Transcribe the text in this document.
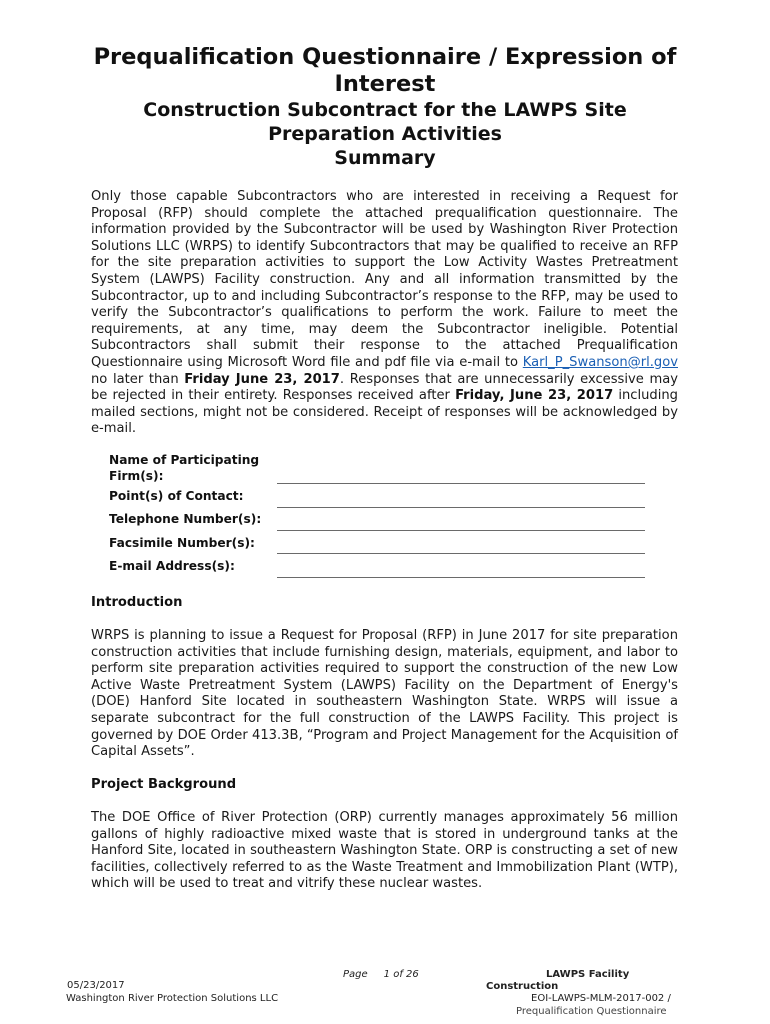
Prequalification Questionnaire / Expression of

Interest

Construction Subcontract for the LAWPS Site

Preparation Activities

Summary

Only those capable Subcontractors who are interested in receiving a Request for Proposal (RFP) should complete the attached prequalification questionnaire. The information provided by the Subcontractor will be used by Washington River Protection Solutions LLC (WRPS) to identify Subcontractors that may be qualified to receive an RFP for the site preparation activities to support the Low Activity Wastes Pretreatment System (LAWPS) Facility construction. Any and all information transmitted by the Subcontractor, up to and including Subcontractor’s response to the RFP, may be used to verify the Subcontractor’s qualifications to perform the work. Failure to meet the requirements, at any time, may deem the Subcontractor ineligible. Potential Subcontractors shall submit their response to the attached Prequalification Questionnaire using Microsoft Word file and pdf file via e-mail to Karl_P_Swanson@rl.gov no later than Friday June 23, 2017. Responses that are unnecessarily excessive may be rejected in their entirety. Responses received after Friday, June 23, 2017 including mailed sections, might not be considered. Receipt of responses will be acknowledged by e-mail.

Name of Participating Firm(s):
Point(s) of Contact:
Telephone Number(s):
Facsimile Number(s):
E-mail Address(s):
Introduction

WRPS is planning to issue a Request for Proposal (RFP) in June 2017 for site preparation construction activities that include furnishing design, materials, equipment, and labor to perform site preparation activities required to support the construction of the new Low Active Waste Pretreatment System (LAWPS) Facility on the Department of Energy's (DOE) Hanford Site located in southeastern Washington State. WRPS will issue a separate subcontract for the full construction of the LAWPS Facility. This project is governed by DOE Order 413.3B, “Program and Project Management for the Acquisition of Capital Assets”.

Project Background

The DOE Office of River Protection (ORP) currently manages approximately 56 million gallons of highly radioactive mixed waste that is stored in underground tanks at the Hanford Site, located in southeastern Washington State. ORP is constructing a set of new facilities, collectively referred to as the Waste Treatment and Immobilization Plant (WTP), which will be used to treat and vitrify these nuclear wastes.

05/23/2017
Washington River Protection Solutions LLC
Page 1 of 26	LAWPS Facility
Construction
EOI-LAWPS-MLM-2017-002 /
Prequalification Questionnaire
